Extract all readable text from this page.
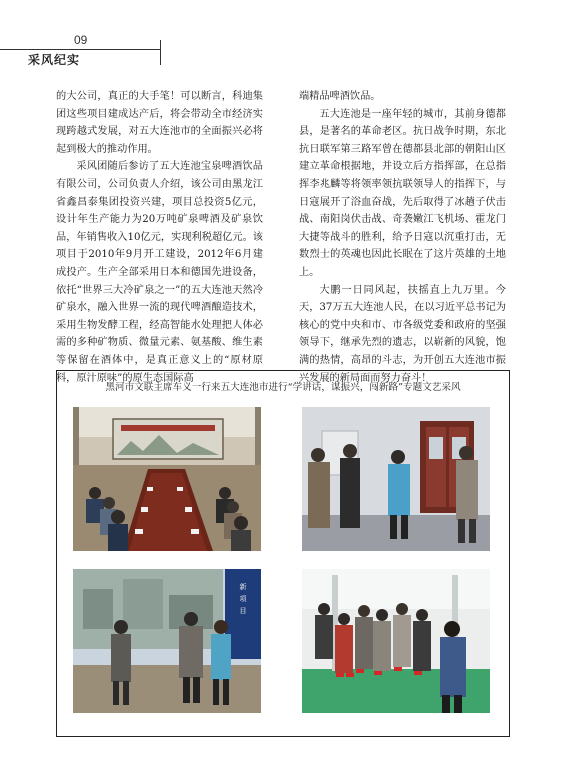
09
采风纪实

的大公司，真正的大手笔！可以断言，科迪集团这些项目建成达产后，将会带动全市经济实现跨越式发展，对五大连池市的全面振兴必将起到极大的推动作用。

采风团随后参访了五大连池宝泉啤酒饮品有限公司，公司负责人介绍，该公司由黑龙江省鑫昌泰集团投资兴建，项目总投资5亿元，设计年生产能力为20万吨矿泉啤酒及矿泉饮品，年销售收入10亿元，实现利税超亿元。该项目于2010年9月开工建设，2012年6月建成投产。生产全部采用日本和德国先进设备，依托“世界三大冷矿泉之一”的五大连池天然冷矿泉水，融入世界一流的现代啤酒酿造技术，采用生物发酵工程，经高智能水处理把人体必需的多种矿物质、微量元素、氨基酸、维生素等保留在酒体中，是真正意义上的“原材原料，原汁原味”的原生态国际高

端精品啤酒饮品。

五大连池是一座年轻的城市，其前身德都县，是著名的革命老区。抗日战争时期，东北抗日联军第三路军曾在德都县北部的朝阳山区建立革命根据地，并设立后方指挥部，在总指挥李兆麟等将领率领抗联领导人的指挥下，与日寇展开了浴血奋战，先后取得了冰趟子伏击战、南阳岗伏击战、奇袭嫩江飞机场、霍龙门大捷等战斗的胜利，给予日寇以沉重打击，无数烈士的英魂也因此长眠在了这片英雄的土地上。

大鹏一日同风起，扶摇直上九万里。今天，37万五大连池人民，在以习近平总书记为核心的党中央和市、市各级党委和政府的坚强领导下，继承先烈的遗志，以崭新的风貌，饱满的热情，高昂的斗志，为开创五大连池市振兴发展的新局面而努力奋斗！

黑河市文联主席车义一行来五大连池市进行“学讲话，谋振兴，闯新路”专题文艺采风
新
项
目
